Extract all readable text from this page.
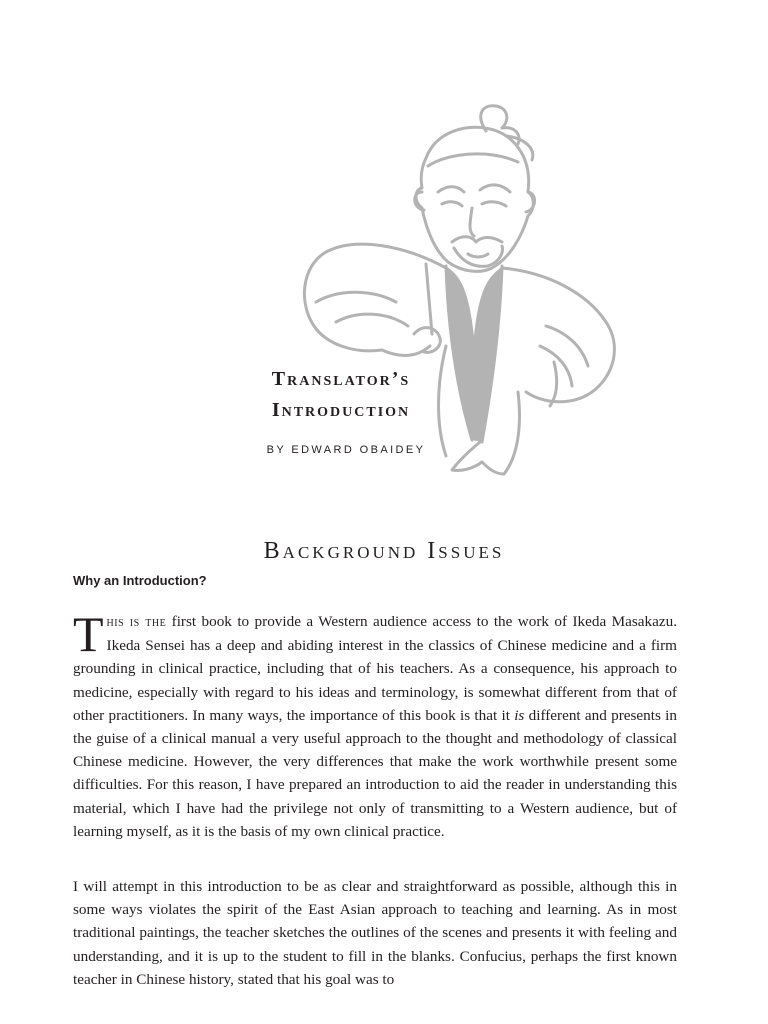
Translator’s
Introduction
BY EDWARD OBAIDEY
Background Issues
Why an Introduction?

This is the first book to provide a Western audience access to the work of Ikeda Masakazu. Ikeda Sensei has a deep and abiding interest in the classics of Chinese medicine and a firm grounding in clinical practice, including that of his teachers. As a consequence, his approach to medicine, especially with regard to his ideas and terminology, is somewhat different from that of other practitioners. In many ways, the importance of this book is that it is different and presents in the guise of a clinical manual a very useful approach to the thought and methodology of classical Chinese medicine. However, the very differences that make the work worthwhile present some difficulties. For this reason, I have prepared an introduction to aid the reader in understanding this material, which I have had the privilege not only of transmitting to a Western audience, but of learning myself, as it is the basis of my own clinical practice.

I will attempt in this introduction to be as clear and straightforward as possible, although this in some ways violates the spirit of the East Asian approach to teaching and learning. As in most traditional paintings, the teacher sketches the outlines of the scenes and presents it with feeling and understanding, and it is up to the student to fill in the blanks. Confucius, perhaps the first known teacher in Chinese history, stated that his goal was to
